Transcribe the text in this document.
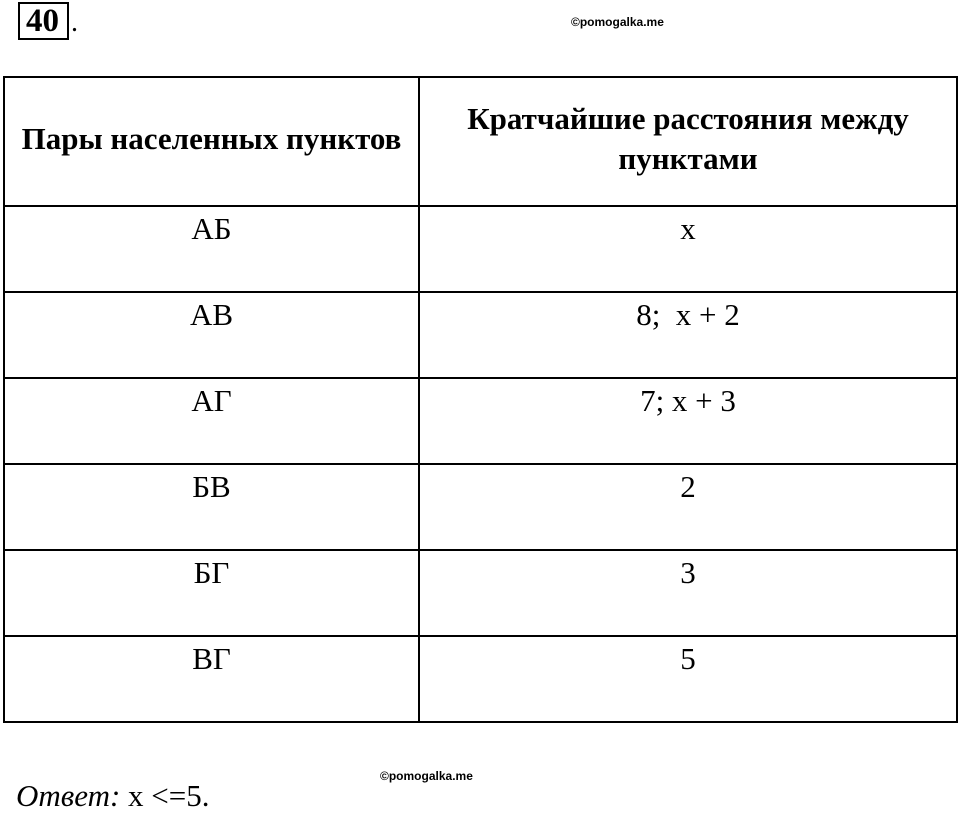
40 .	©pomogalka.me
Пары населенных пунктов	Кратчайшие расстояния между пунктами
АБ	x
АВ	8;  x + 2
АГ	7; x + 3
БВ	2
БГ	3
ВГ	5
©pomogalka.me
Ответ: x <=5.
